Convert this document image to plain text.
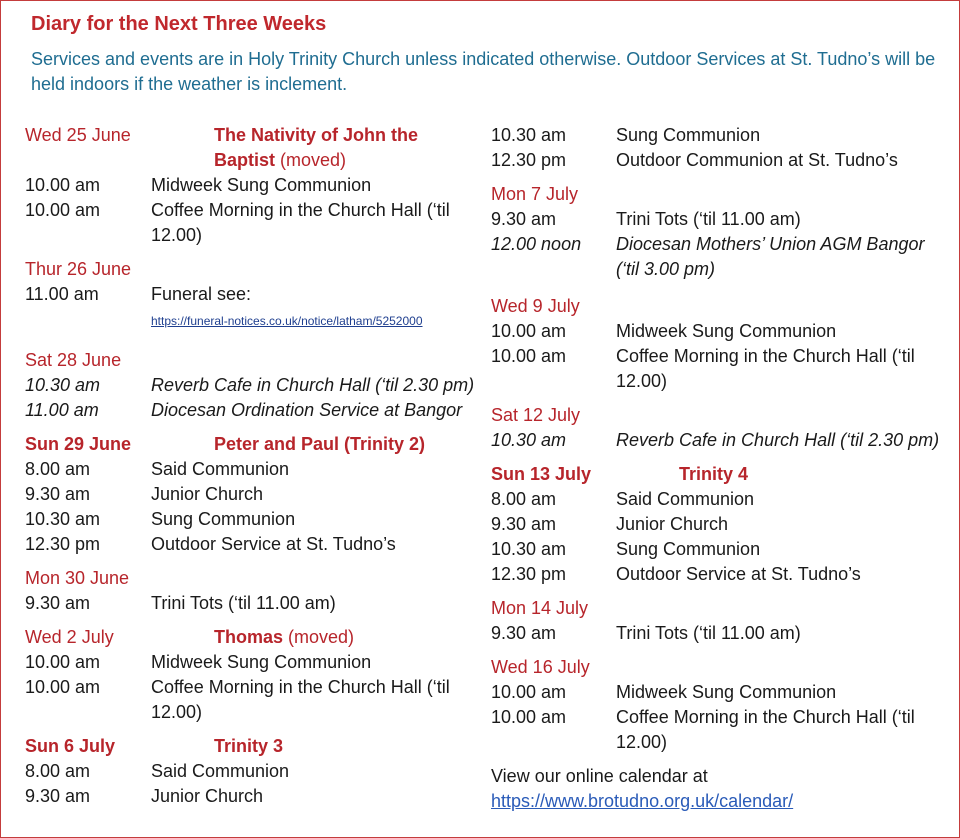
Diary for the Next Three Weeks
Services and events are in Holy Trinity Church unless indicated otherwise. Outdoor Services at St. Tudno’s will be held indoors if the weather is inclement.
Wed 25 June	The Nativity of John the Baptist (moved)
10.00 am	Midweek Sung Communion
10.00 am	Coffee Morning in the Church Hall (‘til 12.00)
Thur 26 June
11.00 am	Funeral see:
https://funeral-notices.co.uk/notice/latham/5252000
Sat 28 June
10.30 am	Reverb Cafe in Church Hall (‘til 2.30 pm)
11.00 am	Diocesan Ordination Service at Bangor
Sun 29 June	Peter and Paul (Trinity 2)
8.00 am	Said Communion
9.30 am	Junior Church
10.30 am	Sung Communion
12.30 pm	Outdoor Service at St. Tudno’s
Mon 30 June
9.30 am	Trini Tots (‘til 11.00 am)
Wed 2 July	Thomas (moved)
10.00 am	Midweek Sung Communion
10.00 am	Coffee Morning in the Church Hall (‘til 12.00)
Sun 6 July	Trinity 3
8.00 am	Said Communion
9.30 am	Junior Church
10.30 am	Sung Communion
12.30 pm	Outdoor Communion at St. Tudno’s
Mon 7 July
9.30 am	Trini Tots (‘til 11.00 am)
12.00 noon Diocesan Mothers’ Union AGM Bangor (‘til 3.00 pm)
Wed 9 July
10.00 am	Midweek Sung Communion
10.00 am	Coffee Morning in the Church Hall (‘til 12.00)
Sat 12 July
10.30 am	Reverb Cafe in Church Hall (‘til 2.30 pm)
Sun 13 July	Trinity 4
8.00 am	Said Communion
9.30 am	Junior Church
10.30 am	Sung Communion
12.30 pm	Outdoor Service at St. Tudno’s
Mon 14 July
9.30 am	Trini Tots (‘til 11.00 am)
Wed 16 July
10.00 am	Midweek Sung Communion
10.00 am	Coffee Morning in the Church Hall (‘til 12.00)
View our online calendar at https://www.brotudno.org.uk/calendar/
